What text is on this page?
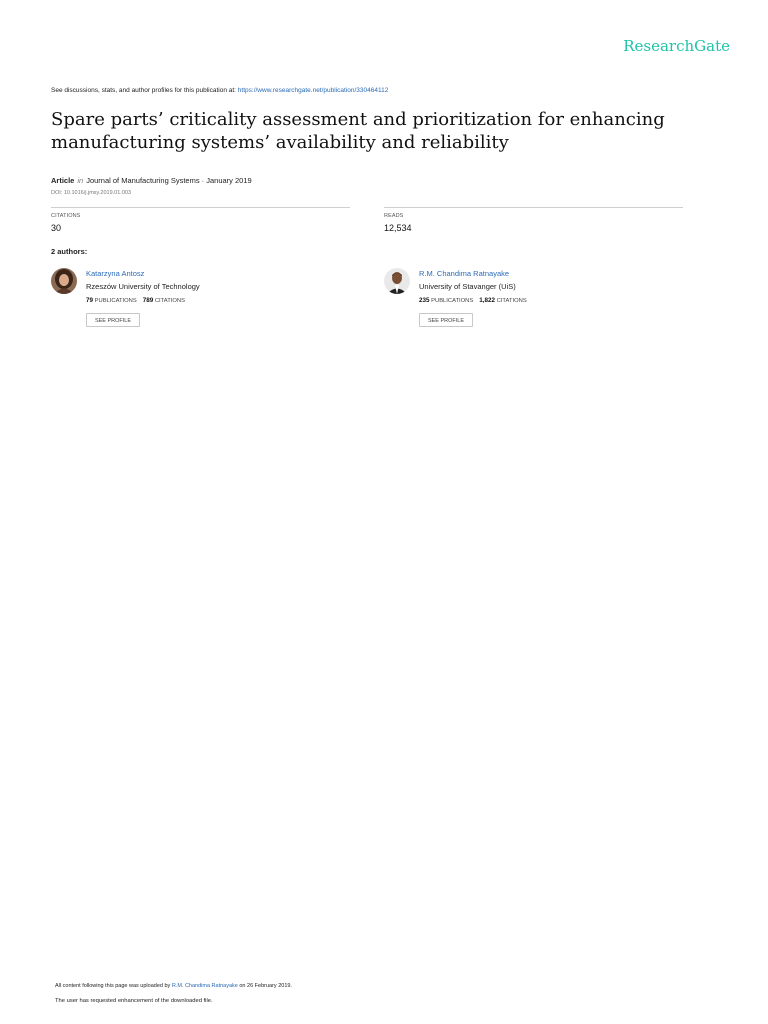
ResearchGate
See discussions, stats, and author profiles for this publication at: https://www.researchgate.net/publication/330464112
Spare parts’ criticality assessment and prioritization for enhancing manufacturing systems’ availability and reliability
Article in Journal of Manufacturing Systems · January 2019
DOI: 10.1016/j.jmsy.2019.01.003
CITATIONS
30
READS
12,534
2 authors:
Katarzyna Antosz
Rzeszów University of Technology
79 PUBLICATIONS 789 CITATIONS
SEE PROFILE
R.M. Chandima Ratnayake
University of Stavanger (UiS)
235 PUBLICATIONS 1,822 CITATIONS
SEE PROFILE
All content following this page was uploaded by R.M. Chandima Ratnayake on 26 February 2019.
The user has requested enhancement of the downloaded file.
